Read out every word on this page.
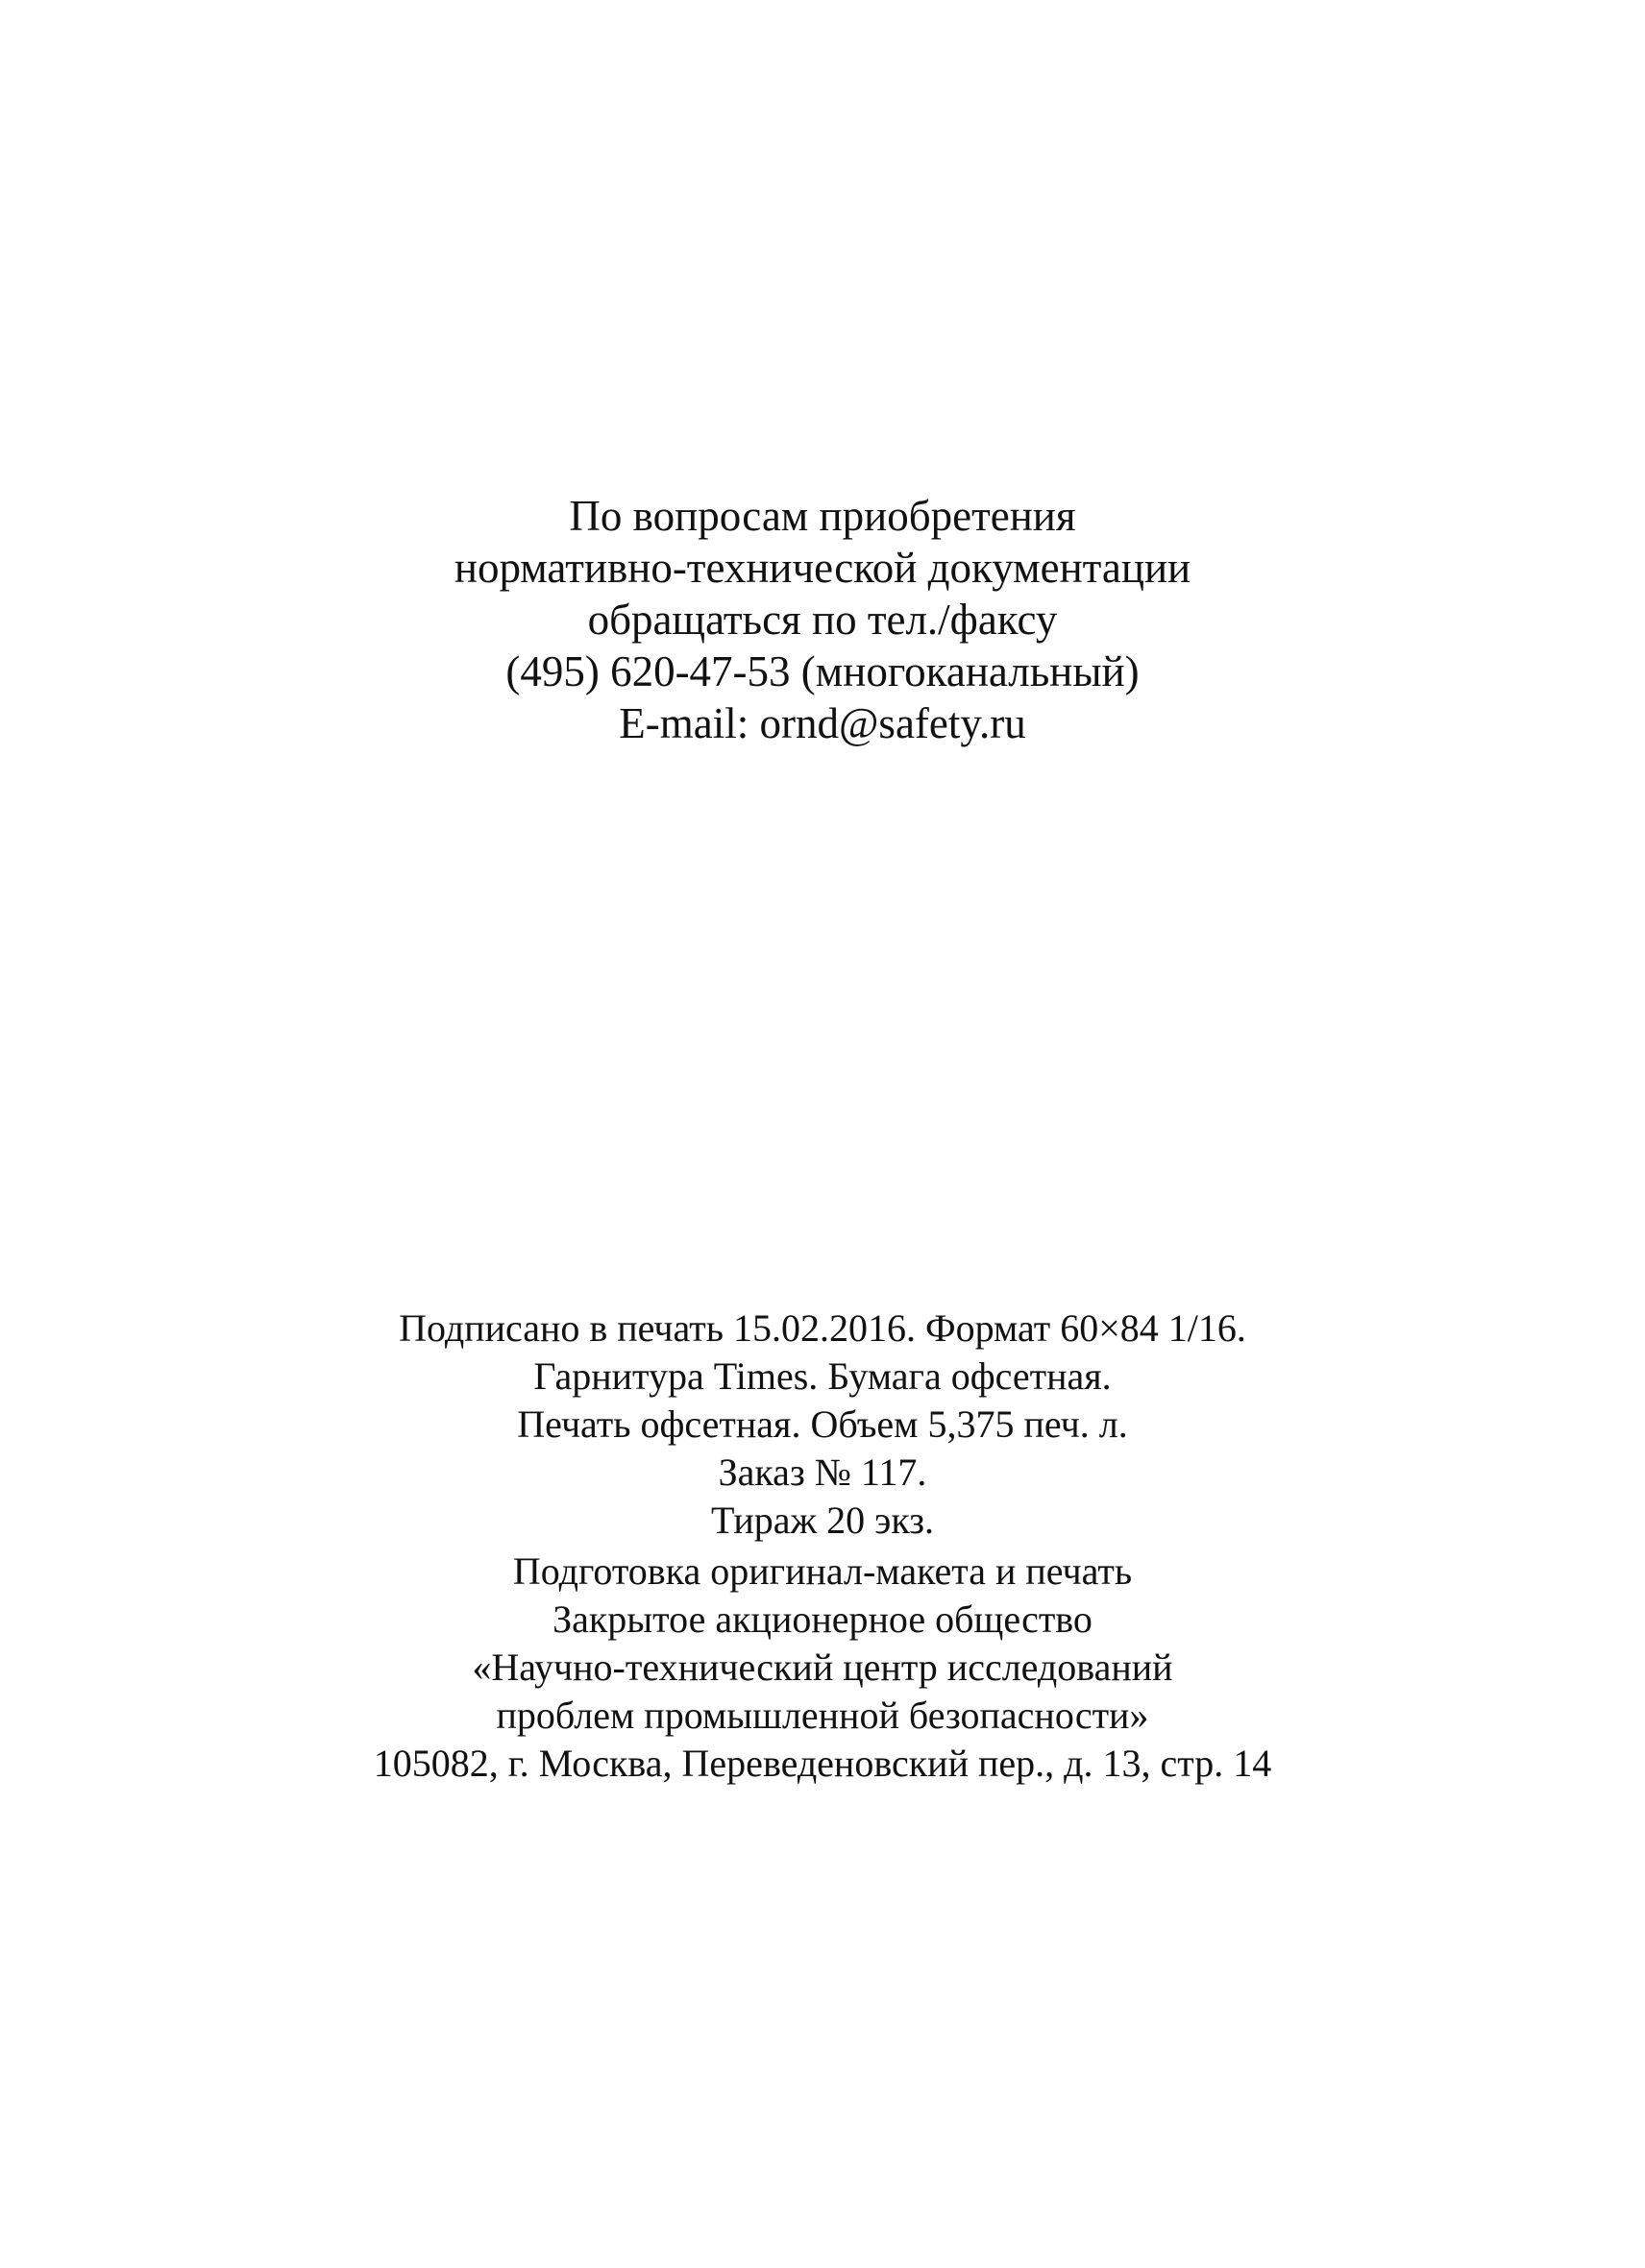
По вопросам приобретения
нормативно-технической документации
обращаться по тел./факсу
(495) 620-47-53 (многоканальный)
E-mail: ornd@safety.ru
Подписано в печать 15.02.2016. Формат 60×84 1/16.
Гарнитура Times. Бумага офсетная.
Печать офсетная. Объем 5,375 печ. л.
Заказ № 117.
Тираж 20 экз.
Подготовка оригинал-макета и печать
Закрытое акционерное общество
«Научно-технический центр исследований
проблем промышленной безопасности»
105082, г. Москва, Переведеновский пер., д. 13, стр. 14
